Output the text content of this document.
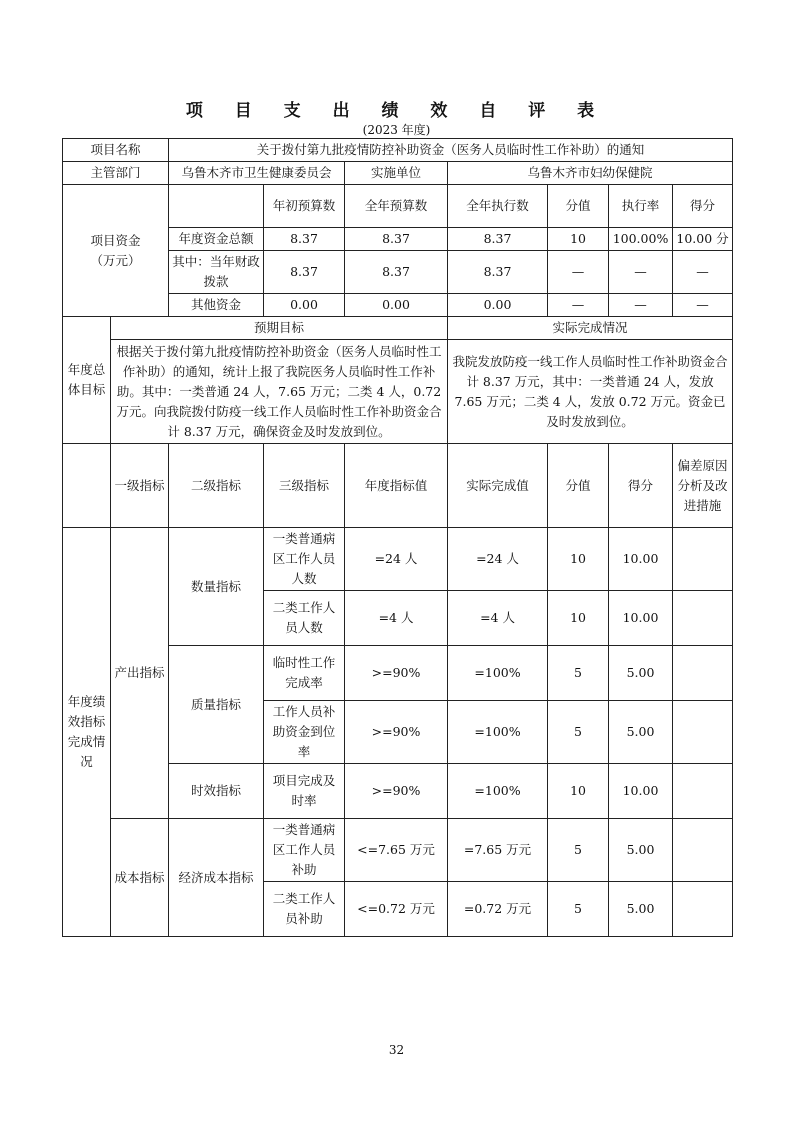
项 目 支 出 绩 效 自 评 表
(2023 年度)
项目名称		关于拨付第九批疫情防控补助资金（医务人员临时性工作补助）的通知						
主管部门		乌鲁木齐市卫生健康委员会		实施单位	乌鲁木齐市妇幼保健院			
项目资金
（万元）			年初预算数	全年预算数	全年执行数	分值	执行率	得分
		年度资金总额	8.37	8.37	8.37	10	100.00%	10.00 分
		其中：当年财政拨款	8.37	8.37	8.37	—	—	—
		其他资金	0.00	0.00	0.00	—	—	—
年度总体目标	预期目标				实际完成情况			
	根据关于拨付第九批疫情防控补助资金（医务人员临时性工作补助）的通知，统计上报了我院医务人员临时性工作补助。其中：一类普通 24 人，7.65 万元；二类 4 人，0.72 万元。向我院拨付防疫一线工作人员临时性工作补助资金合计 8.37 万元，确保资金及时发放到位。				我院发放防疫一线工作人员临时性工作补助资金合计 8.37 万元，其中：一类普通 24 人，发放 7.65 万元；二类 4 人，发放 0.72 万元。资金已及时发放到位。			
	一级指标	二级指标	三级指标	年度指标值	实际完成值	分值	得分	偏差原因分析及改进措施
年度绩效指标完成情况	产出指标	数量指标	一类普通病区工作人员人数	=24 人	=24 人	10	10.00	
			二类工作人员人数	=4 人	=4 人	10	10.00	
		质量指标	临时性工作完成率	>=90%	=100%	5	5.00	
			工作人员补助资金到位率	>=90%	=100%	5	5.00	
		时效指标	项目完成及时率	>=90%	=100%	10	10.00	
	成本指标	经济成本指标	一类普通病区工作人员补助	<=7.65 万元	=7.65 万元	5	5.00	
			二类工作人员补助	<=0.72 万元	=0.72 万元	5	5.00	
32
